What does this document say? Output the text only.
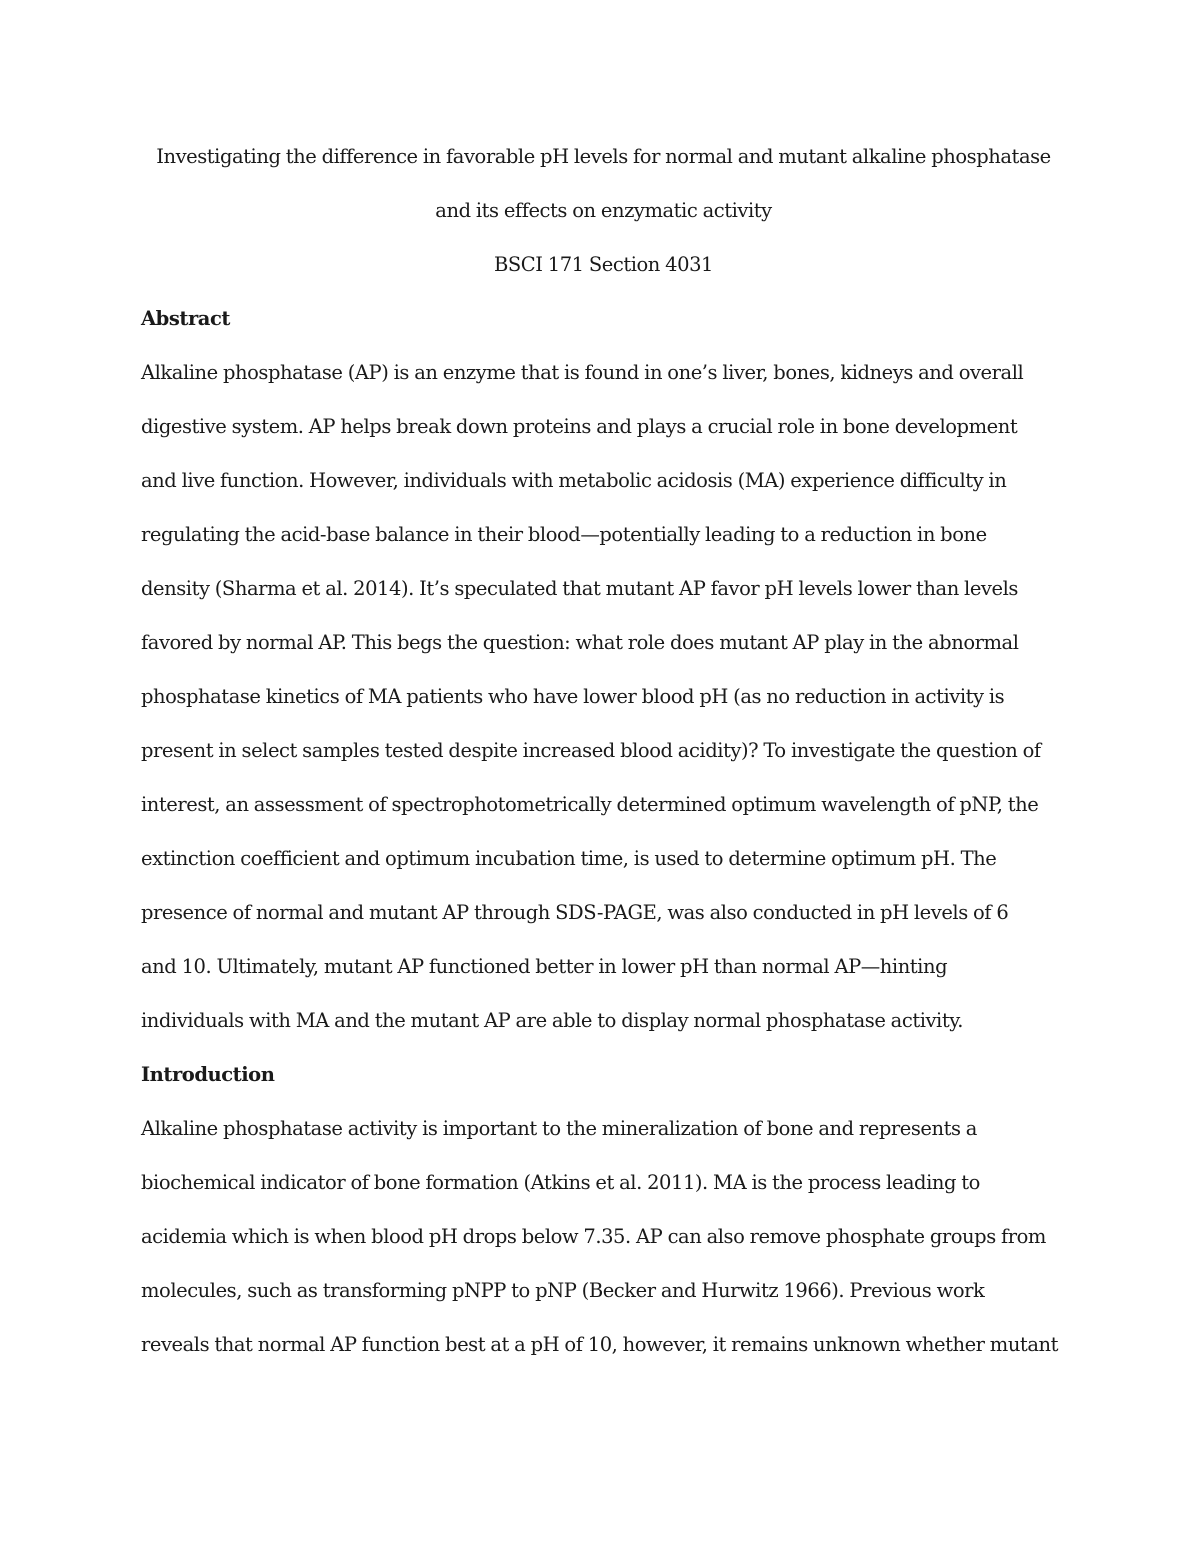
Investigating the difference in favorable pH levels for normal and mutant alkaline phosphatase
and its effects on enzymatic activity
BSCI 171 Section 4031
Abstract
Alkaline phosphatase (AP) is an enzyme that is found in one’s liver, bones, kidneys and overall
digestive system. AP helps break down proteins and plays a crucial role in bone development
and live function. However, individuals with metabolic acidosis (MA) experience difficulty in
regulating the acid-base balance in their blood—potentially leading to a reduction in bone
density (Sharma et al. 2014). It’s speculated that mutant AP favor pH levels lower than levels
favored by normal AP. This begs the question: what role does mutant AP play in the abnormal
phosphatase kinetics of MA patients who have lower blood pH (as no reduction in activity is
present in select samples tested despite increased blood acidity)? To investigate the question of
interest, an assessment of spectrophotometrically determined optimum wavelength of pNP, the
extinction coefficient and optimum incubation time, is used to determine optimum pH. The
presence of normal and mutant AP through SDS-PAGE, was also conducted in pH levels of 6
and 10. Ultimately, mutant AP functioned better in lower pH than normal AP—hinting
individuals with MA and the mutant AP are able to display normal phosphatase activity.
Introduction
Alkaline phosphatase activity is important to the mineralization of bone and represents a
biochemical indicator of bone formation (Atkins et al. 2011). MA is the process leading to
acidemia which is when blood pH drops below 7.35. AP can also remove phosphate groups from
molecules, such as transforming pNPP to pNP (Becker and Hurwitz 1966). Previous work
reveals that normal AP function best at a pH of 10, however, it remains unknown whether mutant
